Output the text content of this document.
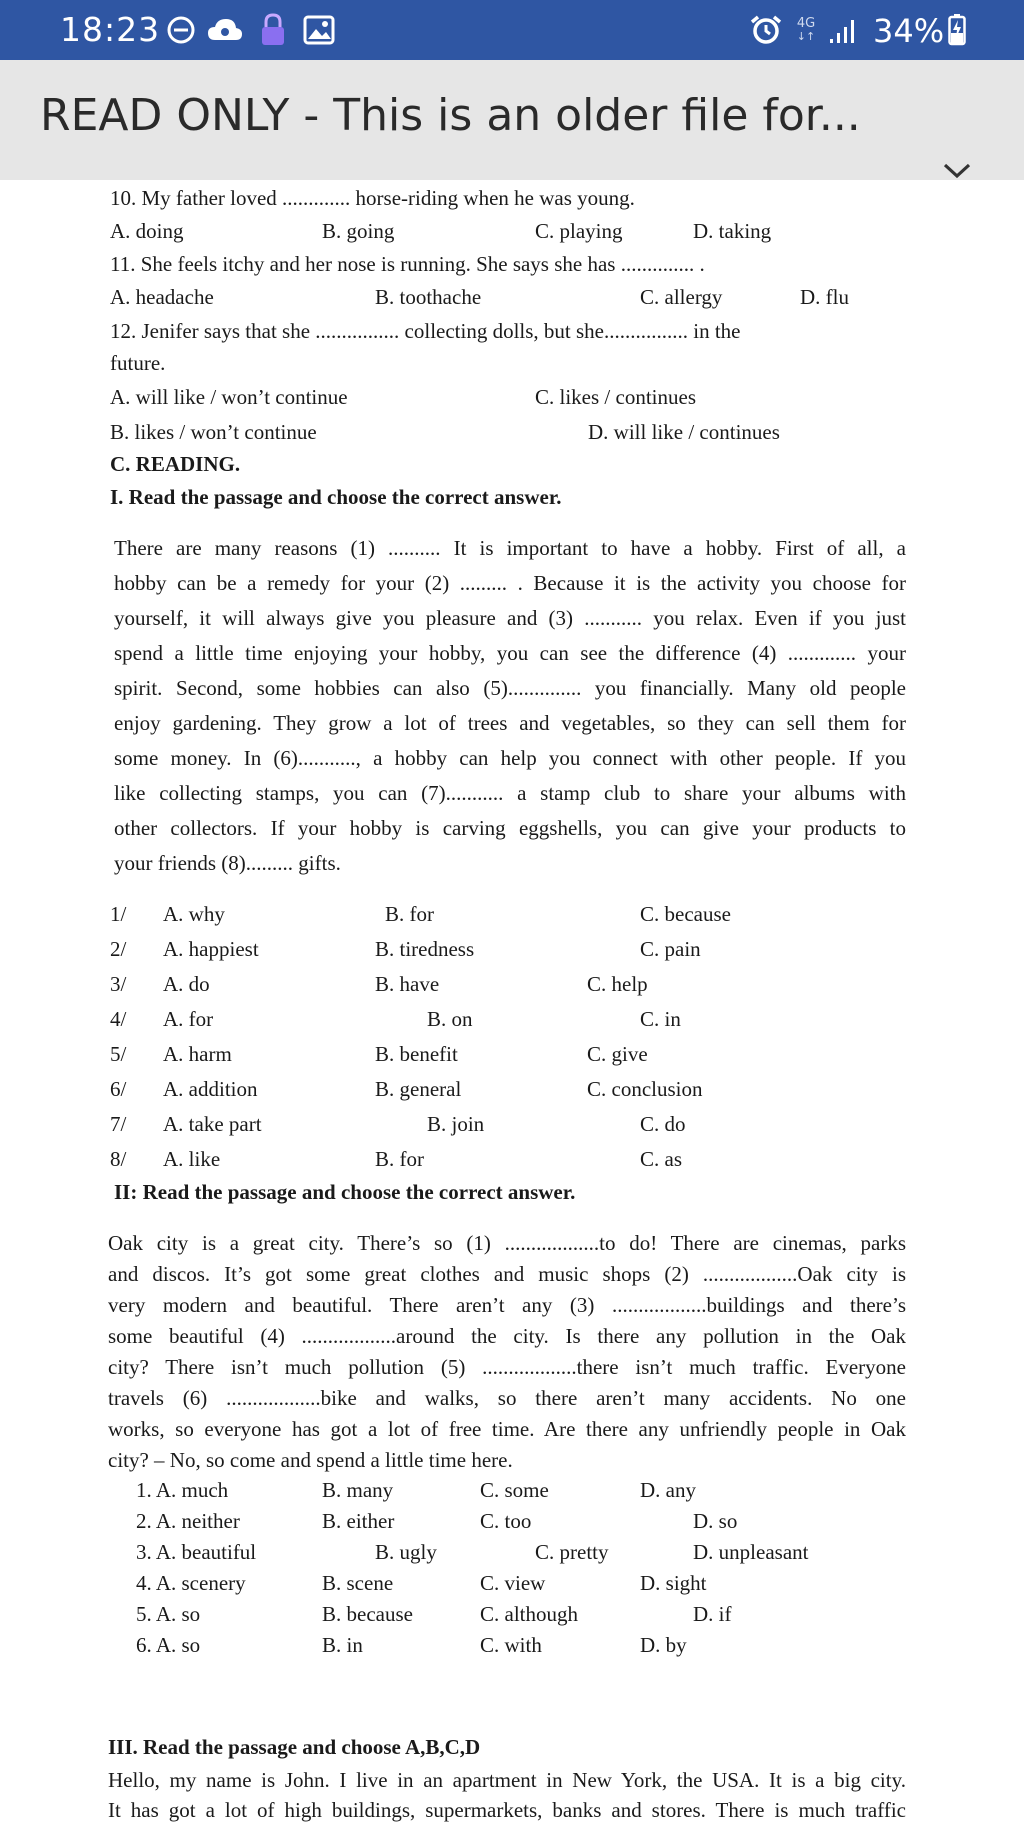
18:23	4G
↓↑ 34%
READ ONLY - This is an older file for...
10. My father loved ............. horse-riding when he was young.
A. doing	B. going	C. playing	D. taking
11. She feels itchy and her nose is running. She says she has .............. .
A. headache	B. toothache	C. allergy	D. flu
12. Jenifer says that she ................ collecting dolls, but she................ in the
future.
A. will like / won’t continue	C. likes / continues
B. likes / won’t continue	D. will like / continues
C. READING.
I. Read the passage and choose the correct answer.
There are many reasons (1) .......... It is important to have a hobby. First of all, a
hobby can be a remedy for your (2) ......... . Because it is the activity you choose for
yourself, it will always give you pleasure and (3) ........... you relax. Even if you just
spend a little time enjoying your hobby, you can see the difference (4) ............. your
spirit. Second, some hobbies can also (5).............. you financially. Many old people
enjoy gardening. They grow a lot of trees and vegetables, so they can sell them for
some money. In (6)..........., a hobby can help you connect with other people. If you
like collecting stamps, you can (7)........... a stamp club to share your albums with
other collectors. If your hobby is carving eggshells, you can give your products to
your friends (8)......... gifts.
1/ A. why	B. for	C. because
2/ A. happiest	B. tiredness	C. pain
3/ A. do	B. have	C. help
4/ A. for	B. on	C. in
5/ A. harm	B. benefit	C. give
6/ A. addition	B. general	C. conclusion
7/ A. take part	B. join	C. do
8/ A. like	B. for	C. as
II: Read the passage and choose the correct answer.
Oak city is a great city. There’s so (1) ..................to do! There are cinemas, parks
and discos. It’s got some great clothes and music shops (2) ..................Oak city is
very modern and beautiful. There aren’t any (3) ..................buildings and there’s
some beautiful (4) ..................around the city. Is there any pollution in the Oak
city? There isn’t much pollution (5) ..................there isn’t much traffic. Everyone
travels (6) ..................bike and walks, so there aren’t many accidents. No one
works, so everyone has got a lot of free time. Are there any unfriendly people in Oak
city? – No, so come and spend a little time here.
1. A. much	B. many	C. some	D. any
2. A. neither	B. either	C. too	D. so
3. A. beautiful	B. ugly	C. pretty	D. unpleasant
4. A. scenery	B. scene	C. view	D. sight
5. A. so	B. because	C. although	D. if
6. A. so	B. in	C. with	D. by
III. Read the passage and choose A,B,C,D
Hello, my name is John. I live in an apartment in New York, the USA. It is a big city.
It has got a lot of high buildings, supermarkets, banks and stores. There is much traffic
